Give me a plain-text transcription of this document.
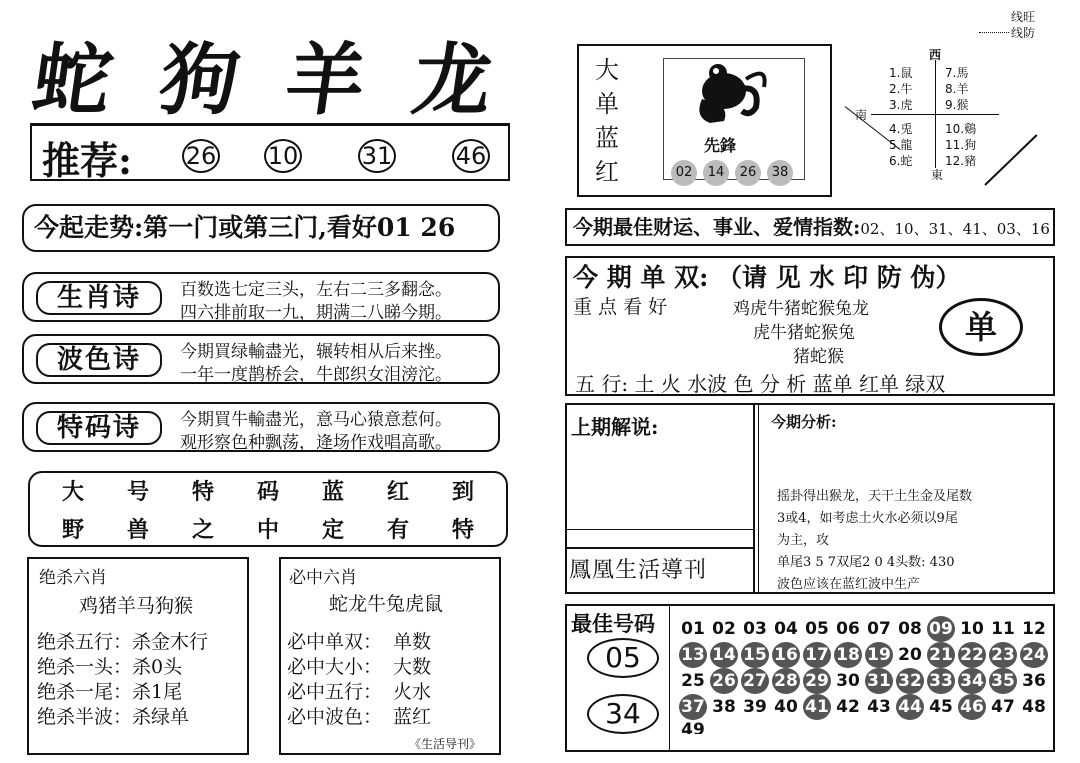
蛇 狗 羊 龙
推荐: 26 10	31	46
今起走势:第一门或第三门,看好01 26
生肖诗	百数选七定三头，左右二三多翻念。
四六排前取一九，期满二八睇今期。
波色诗	今期買绿輸盡光，辗转相从后来挫。
一年一度鹊桥会，牛郎织女泪滂沱。
特码诗	今期買牛輸盡光，意马心猿意惹何。
观形察色种飘荡，逄场作戏唱高歌。
大 号 特 码 蓝 红 到
野 兽 之 中 定 有 特
绝杀六肖
鸡猪羊马狗猴
绝杀五行：杀金木行
绝杀一头：杀0头
绝杀一尾：杀1尾
绝杀半波：杀绿单
必中六肖
蛇龙牛兔虎鼠
必中单双： 单数
必中大小： 大数
必中五行： 火水
必中波色： 蓝红
《生活导刊》
大
单
蓝
红
先鋒
02	14	26	38
线旺
线防
西
南
東
1.鼠
2.牛
3.虎
4.兎
5.龍
6.蛇
7.馬
8.羊
9.猴
10.鷄
11.狗
12.豬
今期最佳财运、事业、爱情指数:02、10、31、41、03、16
今 期 单 双: （请 见 水 印 防 伪）
重 点 看 好	鸡虎牛猪蛇猴兔龙
虎牛猪蛇猴兔
猪蛇猴
单
五 行: 土 火 水波 色 分 析 蓝单 红单 绿双
上期解说:
鳳凰生活導刊
今期分析:
摇卦得出猴龙，天干土生金及尾数
3或4，如考虑土火水必须以9尾
为主，攻
单尾3 5 7双尾2 0 4头数: 430
波色应该在蓝红波中生产
最佳号码
05
34
01 02 03 04 05 06 07 08 09 10 11 12
13 14 15 16 17 18 19 20 21 22 23 24
25 26 27 28 29 30 31 32 33 34 35 36
37 38 39 40 41 42 43 44 45 46 47 48
49
